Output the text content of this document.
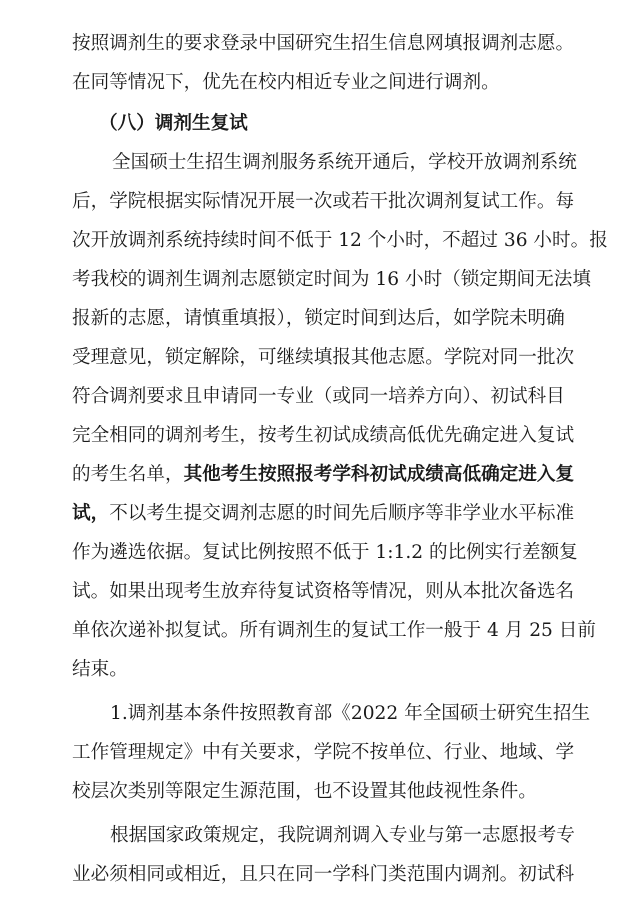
按照调剂生的要求登录中国研究生招生信息网填报调剂志愿。
在同等情况下，优先在校内相近专业之间进行调剂。
（八）调剂生复试
全国硕士生招生调剂服务系统开通后，学校开放调剂系统
后，学院根据实际情况开展一次或若干批次调剂复试工作。每
次开放调剂系统持续时间不低于 12 个小时，不超过 36 小时。报
考我校的调剂生调剂志愿锁定时间为 16 小时（锁定期间无法填
报新的志愿，请慎重填报），锁定时间到达后，如学院未明确
受理意见，锁定解除，可继续填报其他志愿。学院对同一批次
符合调剂要求且申请同一专业（或同一培养方向）、初试科目
完全相同的调剂考生，按考生初试成绩高低优先确定进入复试
的考生名单，其他考生按照报考学科初试成绩高低确定进入复
试，不以考生提交调剂志愿的时间先后顺序等非学业水平标准
作为遴选依据。复试比例按照不低于 1:1.2 的比例实行差额复
试。如果出现考生放弃待复试资格等情况，则从本批次备选名
单依次递补拟复试。所有调剂生的复试工作一般于 4 月 25 日前
结束。
1.调剂基本条件按照教育部《2022 年全国硕士研究生招生
工作管理规定》中有关要求，学院不按单位、行业、地域、学
校层次类别等限定生源范围，也不设置其他歧视性条件。
根据国家政策规定，我院调剂调入专业与第一志愿报考专
业必须相同或相近，且只在同一学科门类范围内调剂。初试科
